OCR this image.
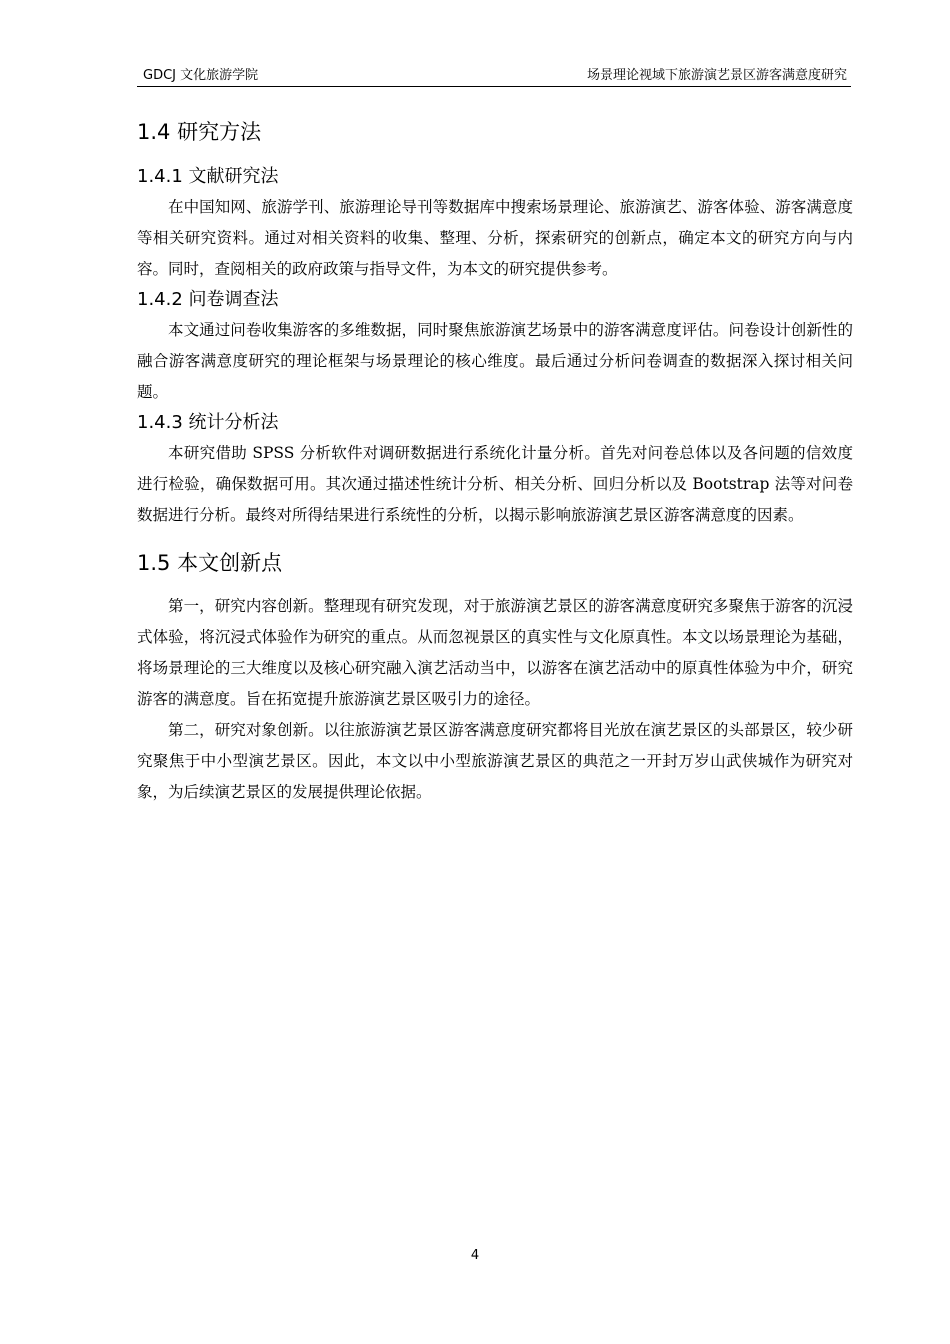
GDCJ 文化旅游学院	场景理论视域下旅游演艺景区游客满意度研究
1.4 研究方法
1.4.1 文献研究法

在中国知网、旅游学刊、旅游理论导刊等数据库中搜索场景理论、旅游演艺、游客体验、游客满意度等相关研究资料。通过对相关资料的收集、整理、分析，探索研究的创新点，确定本文的研究方向与内容。同时，查阅相关的政府政策与指导文件，为本文的研究提供参考。

1.4.2 问卷调查法

本文通过问卷收集游客的多维数据，同时聚焦旅游演艺场景中的游客满意度评估。问卷设计创新性的融合游客满意度研究的理论框架与场景理论的核心维度。最后通过分析问卷调查的数据深入探讨相关问题。

1.4.3 统计分析法

本研究借助 SPSS 分析软件对调研数据进行系统化计量分析。首先对问卷总体以及各问题的信效度进行检验，确保数据可用。其次通过描述性统计分析、相关分析、回归分析以及 Bootstrap 法等对问卷数据进行分析。最终对所得结果进行系统性的分析，以揭示影响旅游演艺景区游客满意度的因素。

1.5 本文创新点

第一，研究内容创新。整理现有研究发现，对于旅游演艺景区的游客满意度研究多聚焦于游客的沉浸式体验，将沉浸式体验作为研究的重点。从而忽视景区的真实性与文化原真性。本文以场景理论为基础，将场景理论的三大维度以及核心研究融入演艺活动当中，以游客在演艺活动中的原真性体验为中介，研究游客的满意度。旨在拓宽提升旅游演艺景区吸引力的途径。

第二，研究对象创新。以往旅游演艺景区游客满意度研究都将目光放在演艺景区的头部景区，较少研究聚焦于中小型演艺景区。因此，本文以中小型旅游演艺景区的典范之一开封万岁山武侠城作为研究对象，为后续演艺景区的发展提供理论依据。

4
